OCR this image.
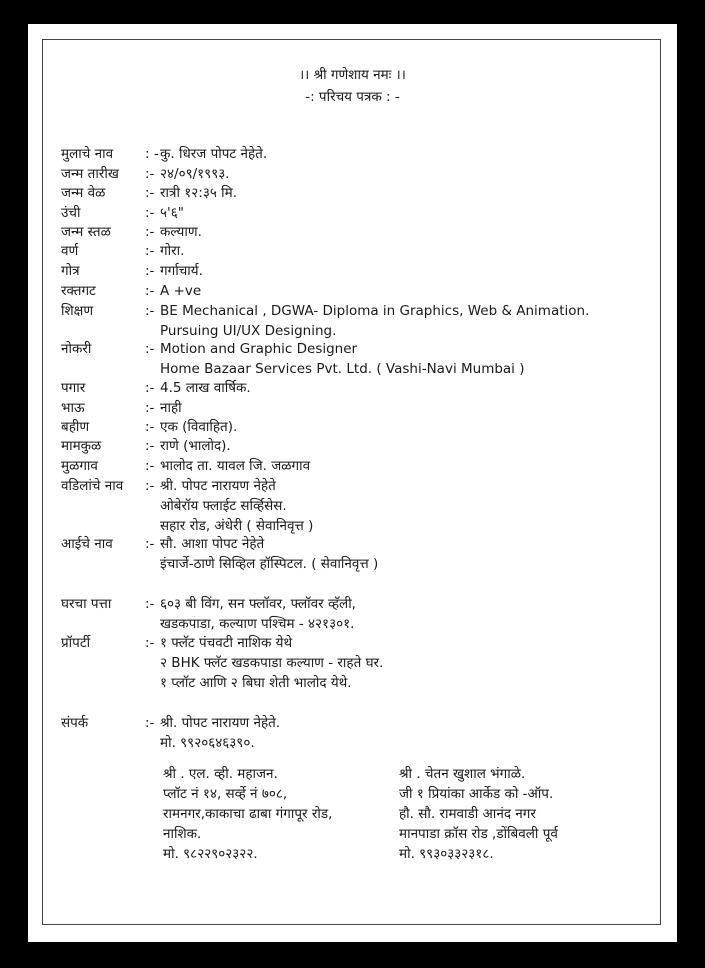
।। श्री गणेशाय नमः ।।
-: परिचय पत्रक : -
मुलाचे नाव : - कु. धिरज पोपट नेहेते.
जन्म तारीख :- २४/०९/१९९३.
जन्म वेळ	:- रात्री १२:३५ मि.
उंची	:- ५'६"
जन्म स्तळ	:- कल्याण.
वर्ण	:- गोरा.
गोत्र	:- गर्गाचार्य.
रक्तगट	:- A +ve
शिक्षण	:- BE Mechanical , DGWA- Diploma in Graphics, Web & Animation.
Pursuing UI/UX Designing.
नोकरी	:- Motion and Graphic Designer
Home Bazaar Services Pvt. Ltd. ( Vashi-Navi Mumbai )
पगार	:- 4.5 लाख वार्षिक.
भाऊ	:- नाही
बहीण	:- एक (विवाहित).
मामकुळ	:- राणे (भालोद).
मुळगाव	:- भालोद ता. यावल जि. जळगाव
वडिलांचे नाव :- श्री. पोपट नारायण नेहेते
ओबेरॉय फ्लाईट सर्व्हिसेस.
सहार रोड, अंधेरी ( सेवानिवृत्त )
आईचे नाव :- सौ. आशा पोपट नेहेते
इंचार्जे-ठाणे सिव्हिल हॉस्पिटल. ( सेवानिवृत्त )
घरचा पत्ता :- ६०३ बी विंग, सन फ्लॉवर, फ्लॉवर व्हॅली,
खडकपाडा, कल्याण पश्चिम - ४२१३०१.
प्रॉपर्टी	:- १ फ्लॅट पंचवटी नाशिक येथे
२ BHK फ्लॅट खडकपाडा कल्याण - राहते घर.
१ प्लॉट आणि २ बिघा शेती भालोद येथे.
संपर्क	:- श्री. पोपट नारायण नेहेते.
मो. ९९२०६४६३९०.
श्री . एल. व्ही. महाजन.
प्लॉट नं १४, सर्व्हे नं ७०८,
रामनगर,काकाचा ढाबा गंगापूर रोड,
नाशिक.
मो. ९८२२९०२३२२.
श्री . चेतन खुशाल भंगाळे.
जी १ प्रियांका आर्केड को -ऑप.
हौ. सौ. रामवाडी आनंद नगर
मानपाडा क्रॉस रोड ,डोंबिवली पूर्व
मो. ९९३०३३२३१८.
